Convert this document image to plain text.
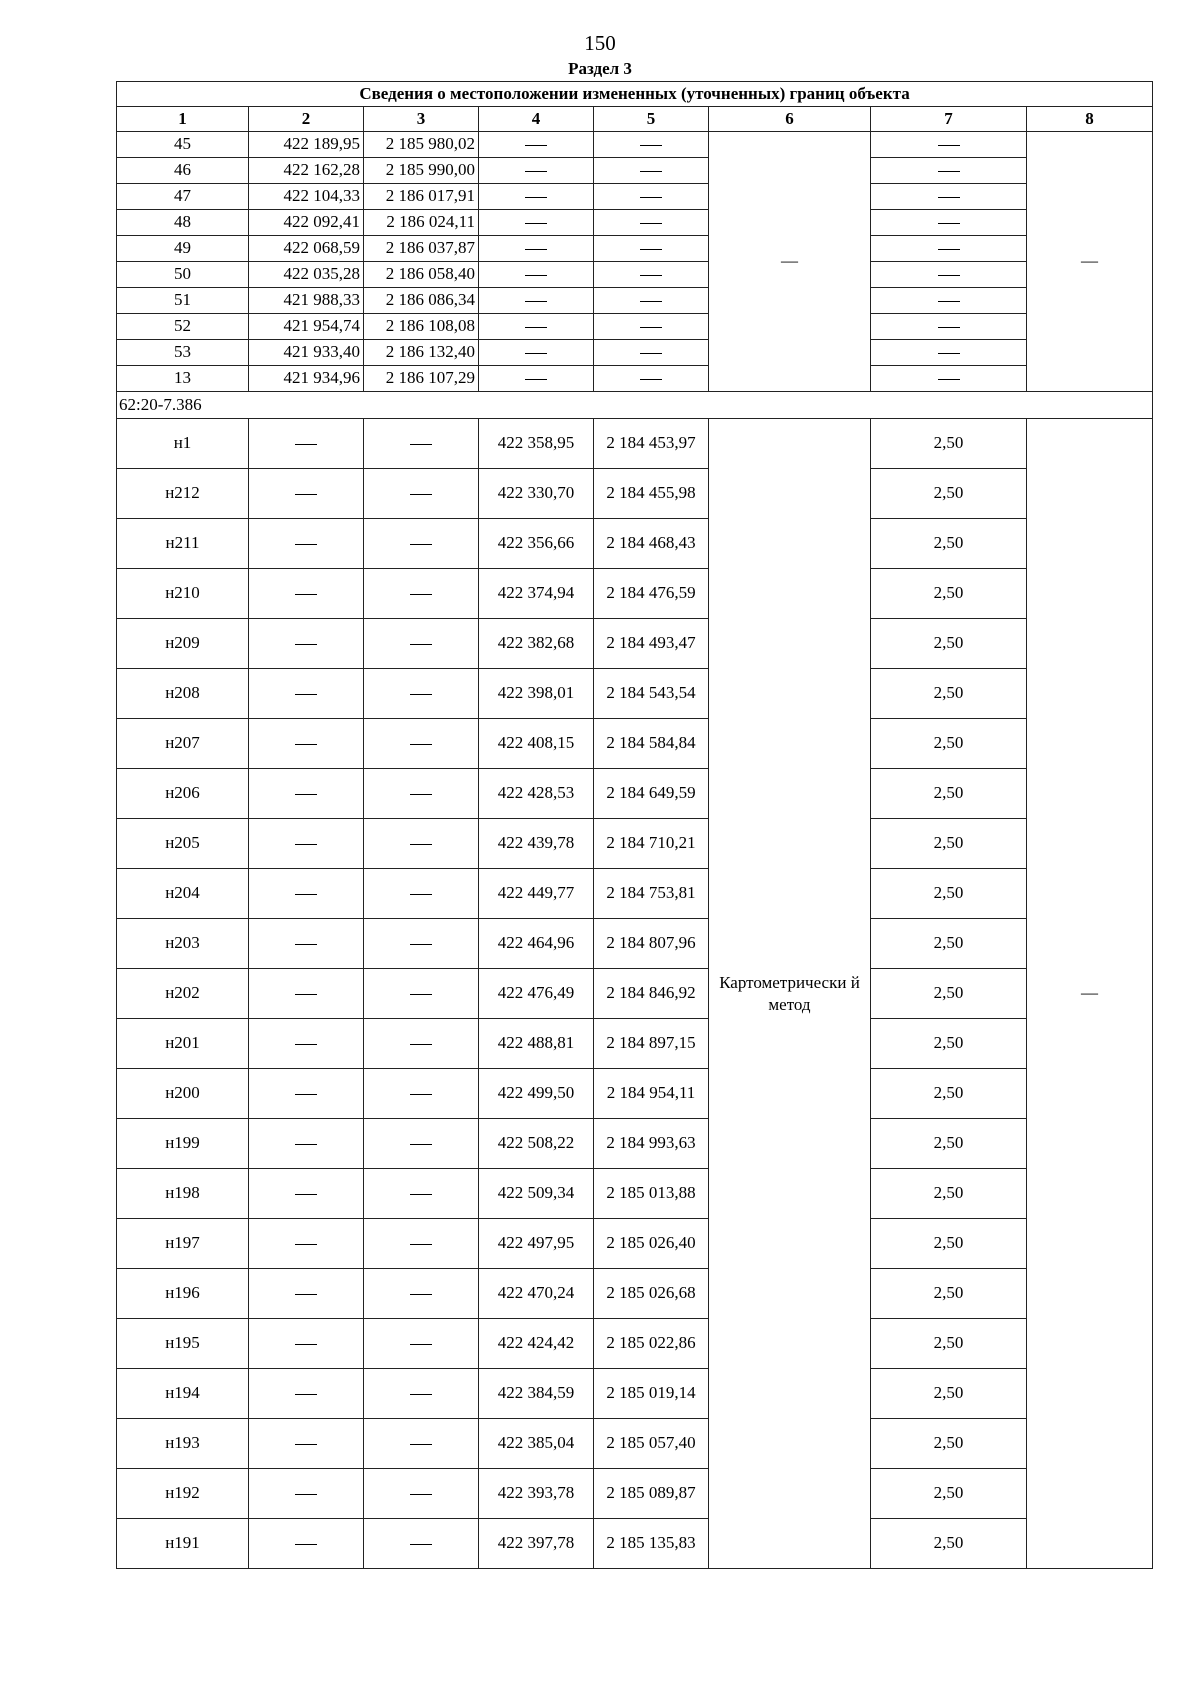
150
Раздел 3
Сведения о местоположении измененных (уточненных) границ объекта							
1	2	3	4	5	6	7	8
45	422 189,95	2 185 980,02			—		—
46	422 162,28	2 185 990,00					
47	422 104,33	2 186 017,91					
48	422 092,41	2 186 024,11					
49	422 068,59	2 186 037,87					
50	422 035,28	2 186 058,40					
51	421 988,33	2 186 086,34					
52	421 954,74	2 186 108,08					
53	421 933,40	2 186 132,40					
13	421 934,96	2 186 107,29					
62:20-7.386							
н1			422 358,95	2 184 453,97	Картометрически й метод	2,50	—
н212			422 330,70	2 184 455,98		2,50	
н211			422 356,66	2 184 468,43		2,50	
н210			422 374,94	2 184 476,59		2,50	
н209			422 382,68	2 184 493,47		2,50	
н208			422 398,01	2 184 543,54		2,50	
н207			422 408,15	2 184 584,84		2,50	
н206			422 428,53	2 184 649,59		2,50	
н205			422 439,78	2 184 710,21		2,50	
н204			422 449,77	2 184 753,81		2,50	
н203			422 464,96	2 184 807,96		2,50	
н202			422 476,49	2 184 846,92		2,50	
н201			422 488,81	2 184 897,15		2,50	
н200			422 499,50	2 184 954,11		2,50	
н199			422 508,22	2 184 993,63		2,50	
н198			422 509,34	2 185 013,88		2,50	
н197			422 497,95	2 185 026,40		2,50	
н196			422 470,24	2 185 026,68		2,50	
н195			422 424,42	2 185 022,86		2,50	
н194			422 384,59	2 185 019,14		2,50	
н193			422 385,04	2 185 057,40		2,50	
н192			422 393,78	2 185 089,87		2,50	
н191			422 397,78	2 185 135,83		2,50	
